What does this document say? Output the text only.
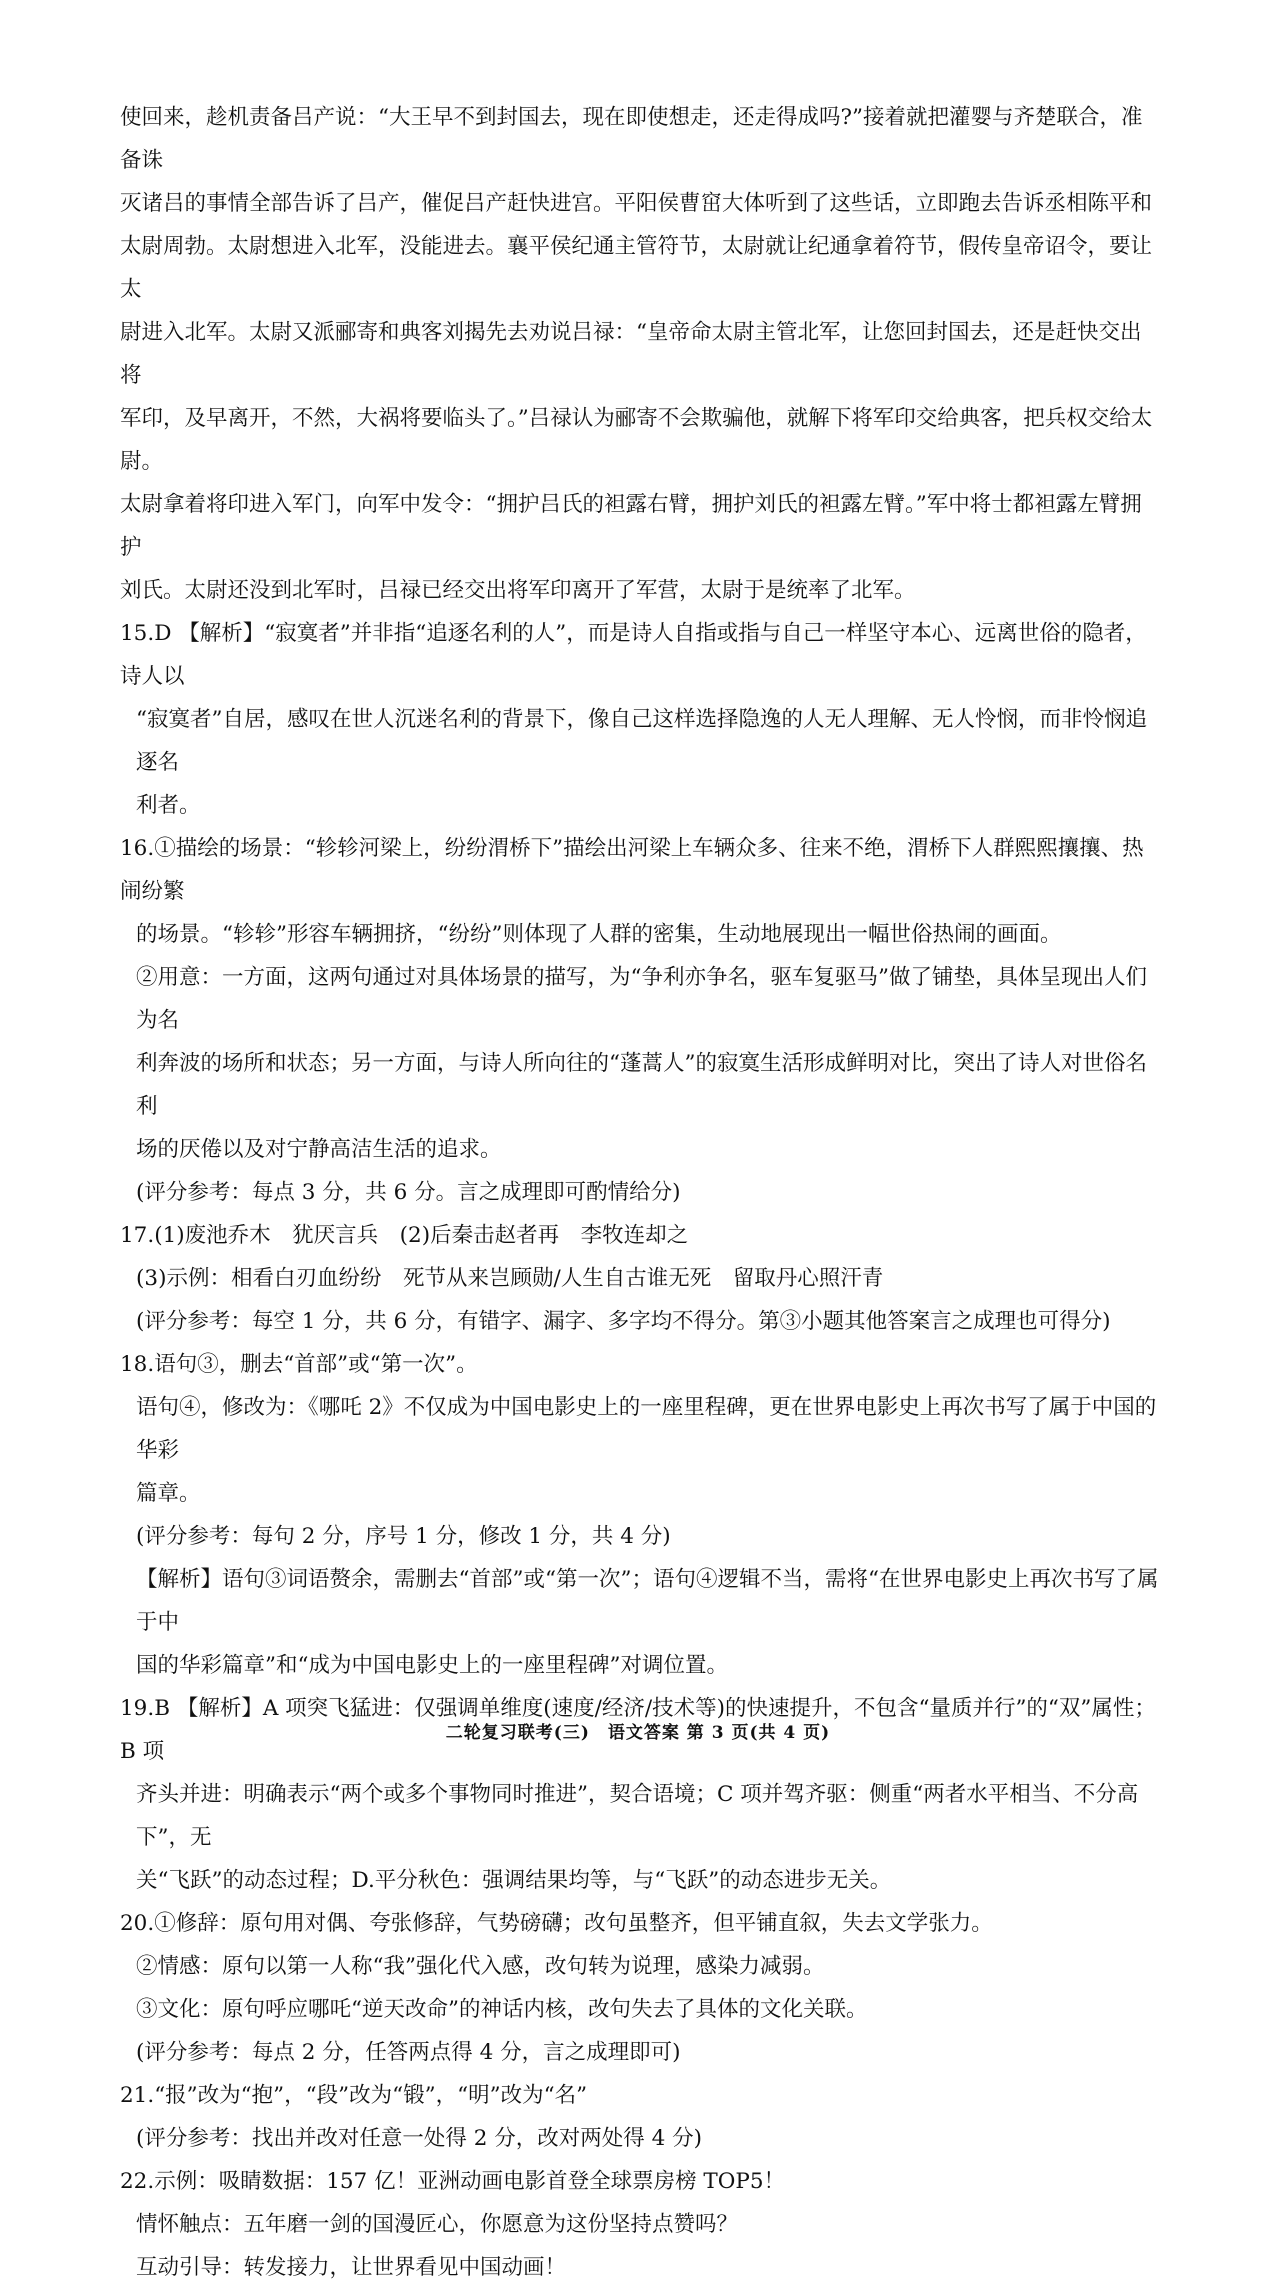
使回来，趁机责备吕产说：“大王早不到封国去，现在即使想走，还走得成吗?”接着就把灌婴与齐楚联合，准备诛

灭诸吕的事情全部告诉了吕产，催促吕产赶快进宫。平阳侯曹窋大体听到了这些话，立即跑去告诉丞相陈平和

太尉周勃。太尉想进入北军，没能进去。襄平侯纪通主管符节，太尉就让纪通拿着符节，假传皇帝诏令，要让太

尉进入北军。太尉又派郦寄和典客刘揭先去劝说吕禄：“皇帝命太尉主管北军，让您回封国去，还是赶快交出将

军印，及早离开，不然，大祸将要临头了。”吕禄认为郦寄不会欺骗他，就解下将军印交给典客，把兵权交给太尉。

太尉拿着将印进入军门，向军中发令：“拥护吕氏的袒露右臂，拥护刘氏的袒露左臂。”军中将士都袒露左臂拥护

刘氏。太尉还没到北军时，吕禄已经交出将军印离开了军营，太尉于是统率了北军。

15.D 【解析】“寂寞者”并非指“追逐名利的人”，而是诗人自指或指与自己一样坚守本心、远离世俗的隐者，诗人以

“寂寞者”自居，感叹在世人沉迷名利的背景下，像自己这样选择隐逸的人无人理解、无人怜悯，而非怜悯追逐名

利者。

16.①描绘的场景：“轸轸河梁上，纷纷渭桥下”描绘出河梁上车辆众多、往来不绝，渭桥下人群熙熙攘攘、热闹纷繁

的场景。“轸轸”形容车辆拥挤，“纷纷”则体现了人群的密集，生动地展现出一幅世俗热闹的画面。

②用意：一方面，这两句通过对具体场景的描写，为“争利亦争名，驱车复驱马”做了铺垫，具体呈现出人们为名

利奔波的场所和状态；另一方面，与诗人所向往的“蓬蒿人”的寂寞生活形成鲜明对比，突出了诗人对世俗名利

场的厌倦以及对宁静高洁生活的追求。

(评分参考：每点 3 分，共 6 分。言之成理即可酌情给分)

17.(1)废池乔木　犹厌言兵　(2)后秦击赵者再　李牧连却之

(3)示例：相看白刃血纷纷　死节从来岂顾勋/人生自古谁无死　留取丹心照汗青

(评分参考：每空 1 分，共 6 分，有错字、漏字、多字均不得分。第③小题其他答案言之成理也可得分)

18.语句③，删去“首部”或“第一次”。

语句④，修改为：《哪吒 2》不仅成为中国电影史上的一座里程碑，更在世界电影史上再次书写了属于中国的华彩

篇章。

(评分参考：每句 2 分，序号 1 分，修改 1 分，共 4 分)

【解析】语句③词语赘余，需删去“首部”或“第一次”；语句④逻辑不当，需将“在世界电影史上再次书写了属于中

国的华彩篇章”和“成为中国电影史上的一座里程碑”对调位置。

19.B 【解析】A 项突飞猛进：仅强调单维度(速度/经济/技术等)的快速提升，不包含“量质并行”的“双”属性；B 项

齐头并进：明确表示“两个或多个事物同时推进”，契合语境；C 项并驾齐驱：侧重“两者水平相当、不分高下”，无

关“飞跃”的动态过程；D.平分秋色：强调结果均等，与“飞跃”的动态进步无关。

20.①修辞：原句用对偶、夸张修辞，气势磅礴；改句虽整齐，但平铺直叙，失去文学张力。

②情感：原句以第一人称“我”强化代入感，改句转为说理，感染力减弱。

③文化：原句呼应哪吒“逆天改命”的神话内核，改句失去了具体的文化关联。

(评分参考：每点 2 分，任答两点得 4 分，言之成理即可)

21.“报”改为“抱”，“段”改为“锻”，“明”改为“名”

(评分参考：找出并改对任意一处得 2 分，改对两处得 4 分)

22.示例：吸睛数据：157 亿！亚洲动画电影首登全球票房榜 TOP5！

情怀触点：五年磨一剑的国漫匠心，你愿意为这份坚持点赞吗？

互动引导：转发接力，让世界看见中国动画！

二轮复习联考(三)　语文答案 第 3 页(共 4 页)
